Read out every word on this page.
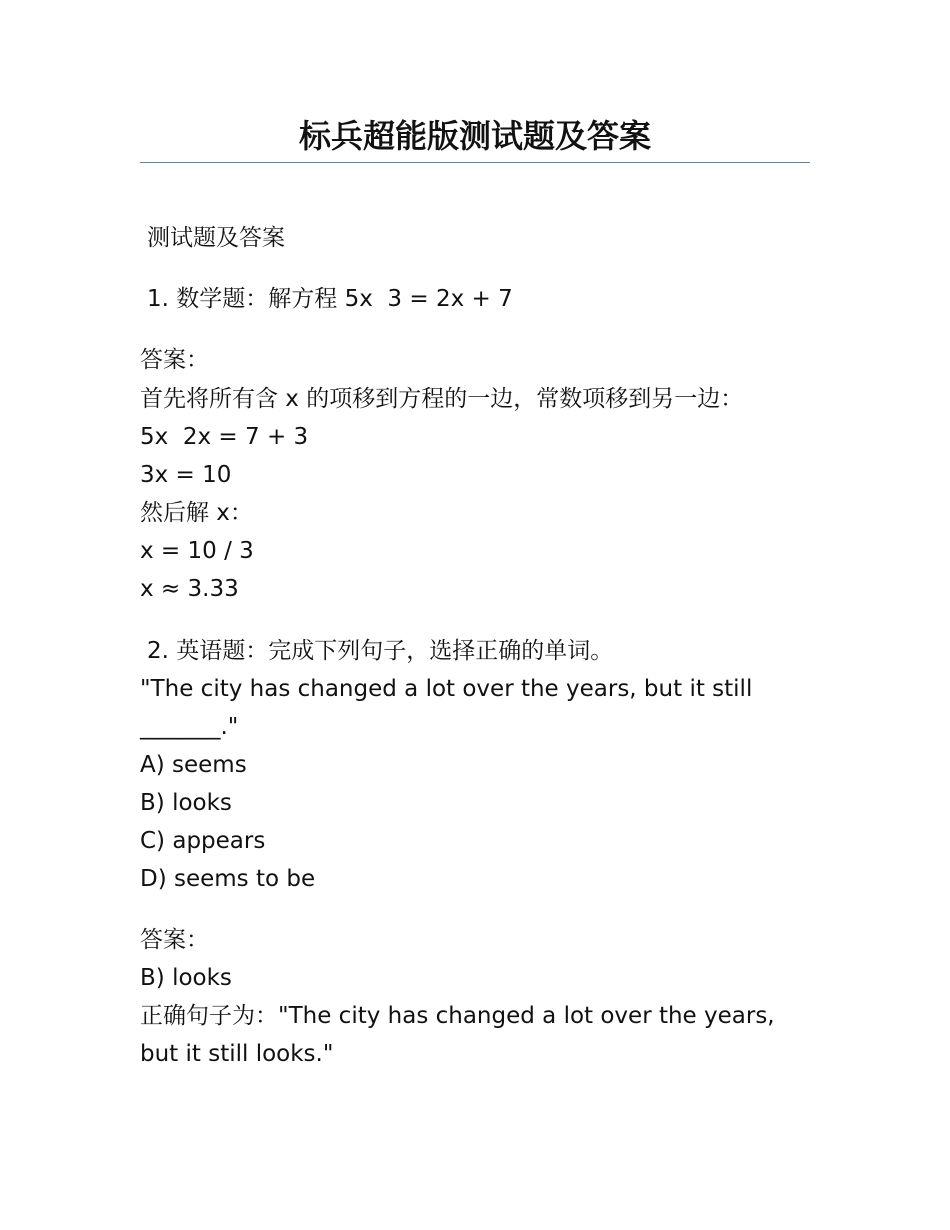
标兵超能版测试题及答案
测试题及答案
1. 数学题：解方程 5x  3 = 2x + 7
答案：
首先将所有含 x 的项移到方程的一边，常数项移到另一边：
5x  2x = 7 + 3
3x = 10
然后解 x：
x = 10 / 3
x ≈ 3.33
2. 英语题：完成下列句子，选择正确的单词。
"The city has changed a lot over the years, but it still
_______."
A) seems
B) looks
C) appears
D) seems to be
答案：
B) looks
正确句子为："The city has changed a lot over the years,
but it still looks."
